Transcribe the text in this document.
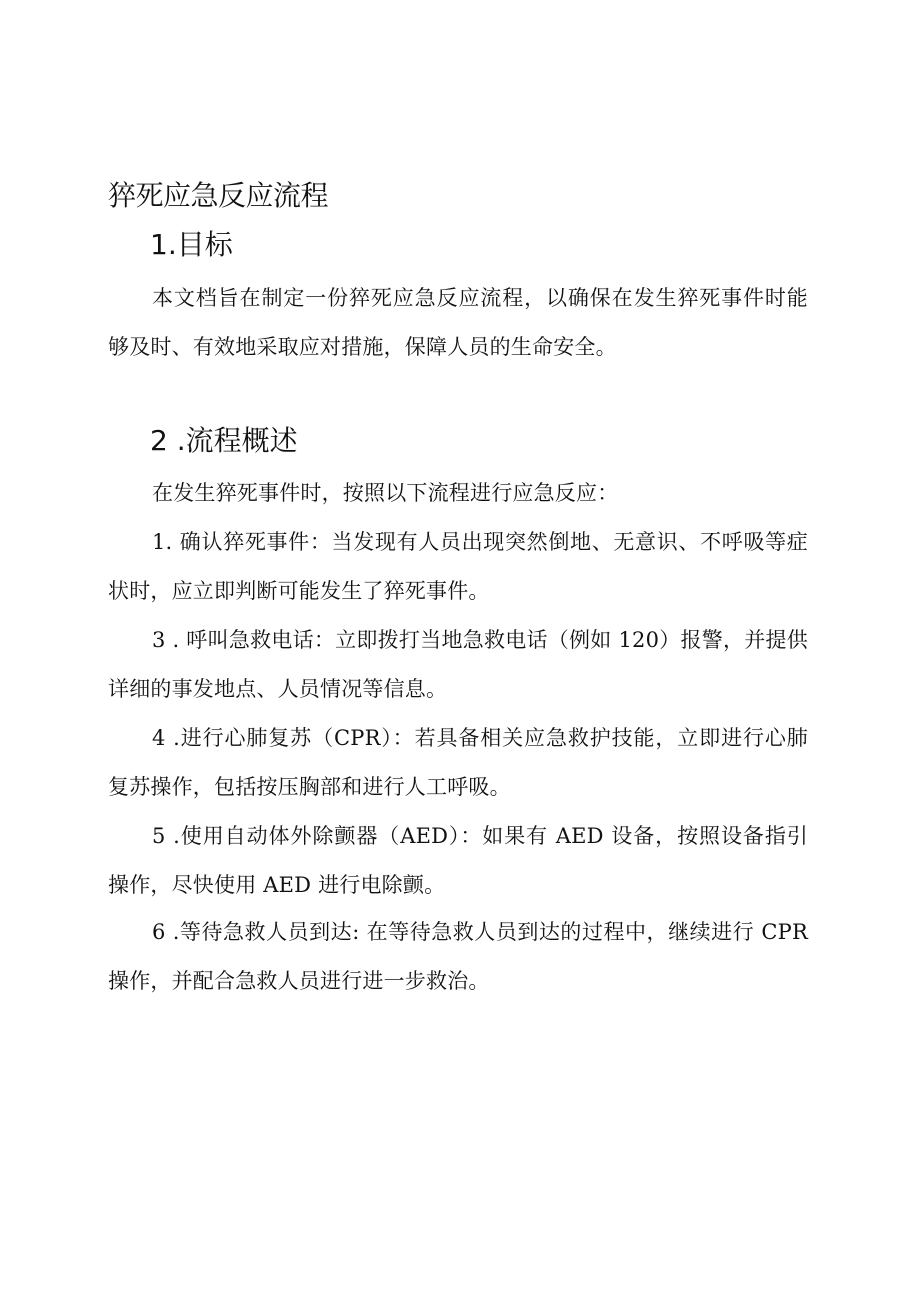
猝死应急反应流程
1.目标

本文档旨在制定一份猝死应急反应流程，以确保在发生猝死事件时能够及时、有效地采取应对措施，保障人员的生命安全。

2 .流程概述

在发生猝死事件时，按照以下流程进行应急反应：

1. 确认猝死事件：当发现有人员出现突然倒地、无意识、不呼吸等症状时，应立即判断可能发生了猝死事件。

3 . 呼叫急救电话：立即拨打当地急救电话（例如 120）报警，并提供详细的事发地点、人员情况等信息。

4 .进行心肺复苏（CPR）：若具备相关应急救护技能，立即进行心肺复苏操作，包括按压胸部和进行人工呼吸。

5 .使用自动体外除颤器（AED）：如果有 AED 设备，按照设备指引操作，尽快使用 AED 进行电除颤。

6 .等待急救人员到达: 在等待急救人员到达的过程中，继续进行 CPR 操作，并配合急救人员进行进一步救治。
